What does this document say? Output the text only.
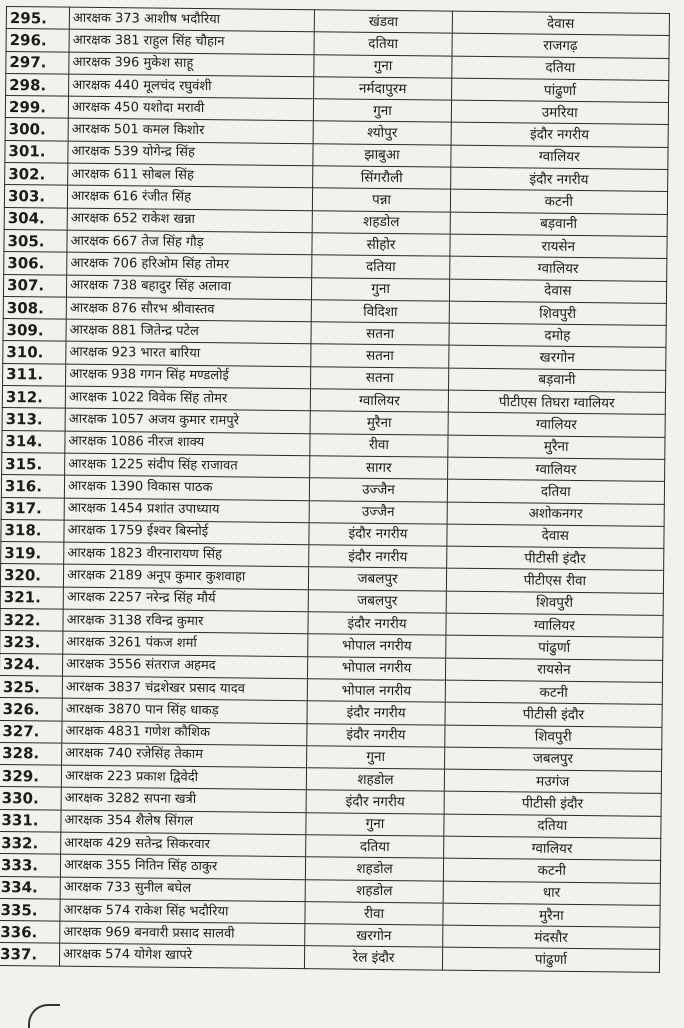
295.	आरक्षक 373 आशीष भदौरिया	खंडवा	देवास
296.	आरक्षक 381 राहुल सिंह चौहान	दतिया	राजगढ़
297.	आरक्षक 396 मुकेश साहू	गुना	दतिया
298.	आरक्षक 440 मूलचंद रघुवंशी	नर्मदापुरम	पांढुर्णा
299.	आरक्षक 450 यशोदा मरावी	गुना	उमरिया
300.	आरक्षक 501 कमल किशोर	श्योपुर	इंदौर नगरीय
301.	आरक्षक 539 योगेन्द्र सिंह	झाबुआ	ग्वालियर
302.	आरक्षक 611 सोबल सिंह	सिंगरौली	इंदौर नगरीय
303.	आरक्षक 616 रंजीत सिंह	पन्ना	कटनी
304.	आरक्षक 652 राकेश खन्ना	शहडोल	बड़वानी
305.	आरक्षक 667 तेज सिंह गौड़	सीहोर	रायसेन
306.	आरक्षक 706 हरिओम सिंह तोमर	दतिया	ग्वालियर
307.	आरक्षक 738 बहादुर सिंह अलावा	गुना	देवास
308.	आरक्षक 876 सौरभ श्रीवास्तव	विदिशा	शिवपुरी
309.	आरक्षक 881 जितेन्द्र पटेल	सतना	दमोह
310.	आरक्षक 923 भारत बारिया	सतना	खरगोन
311.	आरक्षक 938 गगन सिंह मण्डलोई	सतना	बड़वानी
312.	आरक्षक 1022 विवेक सिंह तोमर	ग्वालियर	पीटीएस तिघरा ग्वालियर
313.	आरक्षक 1057 अजय कुमार रामपुरे	मुरैना	ग्वालियर
314.	आरक्षक 1086 नीरज शाक्य	रीवा	मुरैना
315.	आरक्षक 1225 संदीप सिंह राजावत	सागर	ग्वालियर
316.	आरक्षक 1390 विकास पाठक	उज्जैन	दतिया
317.	आरक्षक 1454 प्रशांत उपाध्याय	उज्जैन	अशोकनगर
318.	आरक्षक 1759 ईश्वर बिस्नोई	इंदौर नगरीय	देवास
319.	आरक्षक 1823 वीरनारायण सिंह	इंदौर नगरीय	पीटीसी इंदौर
320.	आरक्षक 2189 अनूप कुमार कुशवाहा	जबलपुर	पीटीएस रीवा
321.	आरक्षक 2257 नरेन्द्र सिंह मौर्य	जबलपुर	शिवपुरी
322.	आरक्षक 3138 रविन्द्र कुमार	इंदौर नगरीय	ग्वालियर
323.	आरक्षक 3261 पंकज शर्मा	भोपाल नगरीय	पांढुर्णा
324.	आरक्षक 3556 संतराज अहमद	भोपाल नगरीय	रायसेन
325.	आरक्षक 3837 चंद्रशेखर प्रसाद यादव	भोपाल नगरीय	कटनी
326.	आरक्षक 3870 पान सिंह धाकड़	इंदौर नगरीय	पीटीसी इंदौर
327.	आरक्षक 4831 गणेश कौशिक	इंदौर नगरीय	शिवपुरी
328.	आरक्षक 740 रजेसिंह तेकाम	गुना	जबलपुर
329.	आरक्षक 223 प्रकाश द्विवेदी	शहडोल	मउगंज
330.	आरक्षक 3282 सपना खत्री	इंदौर नगरीय	पीटीसी इंदौर
331.	आरक्षक 354 शैलेष सिंगल	गुना	दतिया
332.	आरक्षक 429 सतेन्द्र सिकरवार	दतिया	ग्वालियर
333.	आरक्षक 355 नितिन सिंह ठाकुर	शहडोल	कटनी
334.	आरक्षक 733 सुनील बघेल	शहडोल	धार
335.	आरक्षक 574 राकेश सिंह भदौरिया	रीवा	मुरैना
336.	आरक्षक 969 बनवारी प्रसाद सालवी	खरगोन	मंदसौर
337.	आरक्षक 574 योगेश खापरे	रेल इंदौर	पांढुर्णा
